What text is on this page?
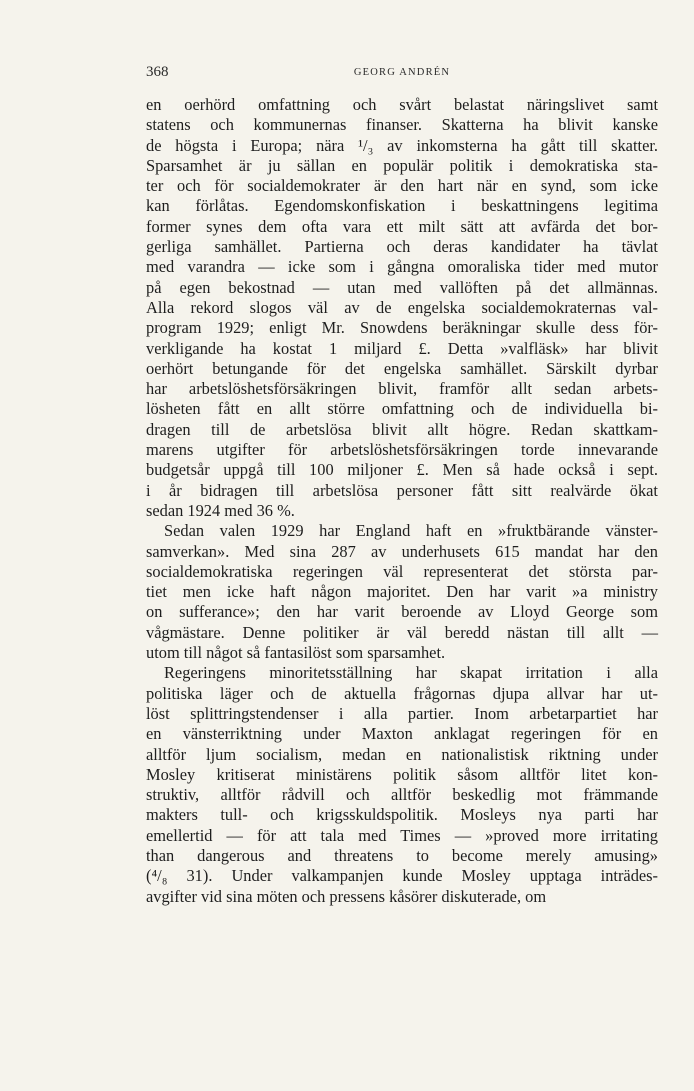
368	GEORG ANDRÉN
en oerhörd omfattning och svårt belastat näringslivet samt
statens och kommunernas finanser. Skatterna ha blivit kanske
de högsta i Europa; nära ¹/₃ av inkomsterna ha gått till skatter.
Sparsamhet är ju sällan en populär politik i demokratiska sta-
ter och för socialdemokrater är den hart när en synd, som icke
kan förlåtas. Egendomskonfiskation i beskattningens legitima
former synes dem ofta vara ett milt sätt att avfärda det bor-
gerliga samhället. Partierna och deras kandidater ha tävlat
med varandra — icke som i gångna omoraliska tider med mutor
på egen bekostnad — utan med vallöften på det allmännas.
Alla rekord slogos väl av de engelska socialdemokraternas val-
program 1929; enligt Mr. Snowdens beräkningar skulle dess för-
verkligande ha kostat 1 miljard £. Detta »valfläsk» har blivit
oerhört betungande för det engelska samhället. Särskilt dyrbar
har arbetslöshetsförsäkringen blivit, framför allt sedan arbets-
lösheten fått en allt större omfattning och de individuella bi-
dragen till de arbetslösa blivit allt högre. Redan skattkam-
marens utgifter för arbetslöshetsförsäkringen torde innevarande
budgetsår uppgå till 100 miljoner £. Men så hade också i sept.
i år bidragen till arbetslösa personer fått sitt realvärde ökat
sedan 1924 med 36 %.
Sedan valen 1929 har England haft en »fruktbärande vänster-
samverkan». Med sina 287 av underhusets 615 mandat har den
socialdemokratiska regeringen väl representerat det största par-
tiet men icke haft någon majoritet. Den har varit »a ministry
on sufferance»; den har varit beroende av Lloyd George som
vågmästare. Denne politiker är väl beredd nästan till allt —
utom till något så fantasilöst som sparsamhet.
Regeringens minoritetsställning har skapat irritation i alla
politiska läger och de aktuella frågornas djupa allvar har ut-
löst splittringstendenser i alla partier. Inom arbetarpartiet har
en vänsterriktning under Maxton anklagat regeringen för en
alltför ljum socialism, medan en nationalistisk riktning under
Mosley kritiserat ministärens politik såsom alltför litet kon-
struktiv, alltför rådvill och alltför beskedlig mot främmande
makters tull- och krigsskuldspolitik. Mosleys nya parti har
emellertid — för att tala med Times — »proved more irritating
than dangerous and threatens to become merely amusing»
(⁴/₈ 31). Under valkampanjen kunde Mosley upptaga inträdes-
avgifter vid sina möten och pressens kåsörer diskuterade, om
